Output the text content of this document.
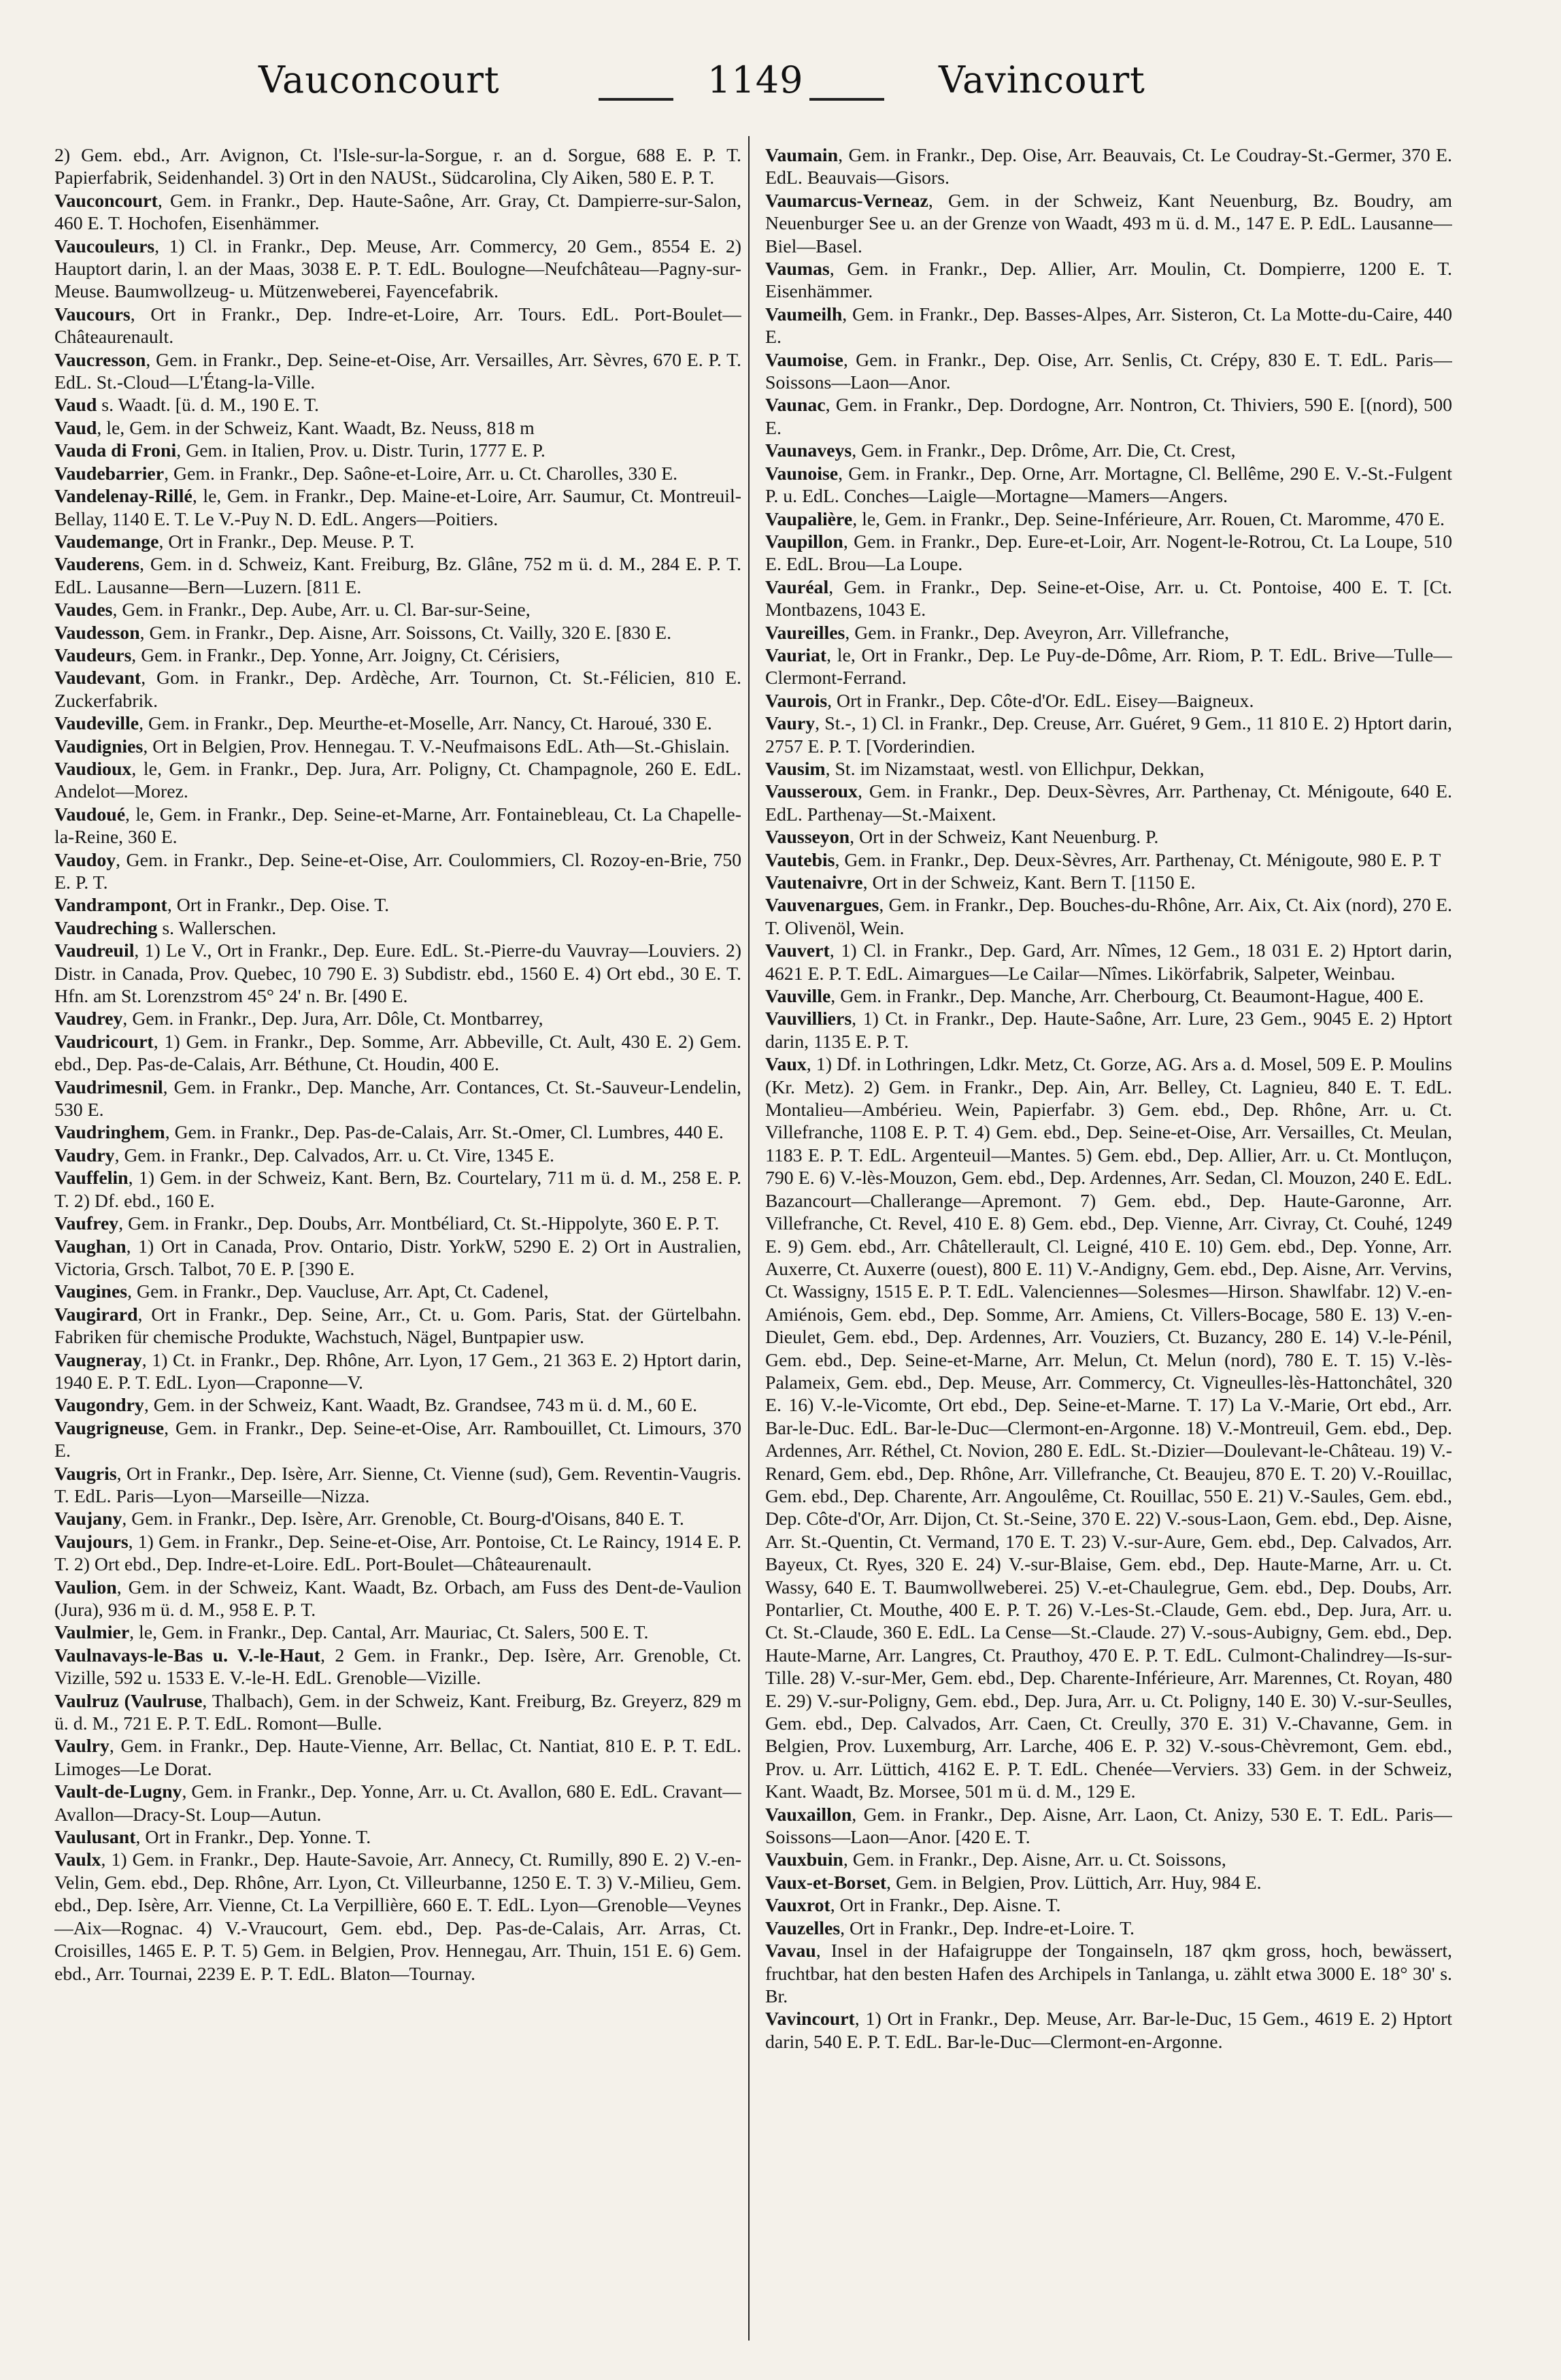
Vauconcourt	1149	Vavincourt

2) Gem. ebd., Arr. Avignon, Ct. l'Isle-sur-la-Sorgue, r. an d. Sorgue, 688 E. P. T. Papierfabrik, Seidenhandel. 3) Ort in den NAUSt., Südcarolina, Cly Aiken, 580 E. P. T.

Vauconcourt, Gem. in Frankr., Dep. Haute-Saône, Arr. Gray, Ct. Dampierre-sur-Salon, 460 E. T. Hochofen, Eisenhämmer.

Vaucouleurs, 1) Cl. in Frankr., Dep. Meuse, Arr. Commercy, 20 Gem., 8554 E. 2) Hauptort darin, l. an der Maas, 3038 E. P. T. EdL. Boulogne—Neufchâteau—Pagny-sur-Meuse. Baumwollzeug- u. Mützenweberei, Fayencefabrik.

Vaucours, Ort in Frankr., Dep. Indre-et-Loire, Arr. Tours. EdL. Port-Boulet—Châteaurenault.

Vaucresson, Gem. in Frankr., Dep. Seine-et-Oise, Arr. Versailles, Arr. Sèvres, 670 E. P. T. EdL. St.-Cloud—L'Étang-la-Ville.

Vaud s. Waadt. [ü. d. M., 190 E. T.

Vaud, le, Gem. in der Schweiz, Kant. Waadt, Bz. Neuss, 818 m

Vauda di Froni, Gem. in Italien, Prov. u. Distr. Turin, 1777 E. P.

Vaudebarrier, Gem. in Frankr., Dep. Saône-et-Loire, Arr. u. Ct. Charolles, 330 E.

Vandelenay-Rillé, le, Gem. in Frankr., Dep. Maine-et-Loire, Arr. Saumur, Ct. Montreuil-Bellay, 1140 E. T. Le V.-Puy N. D. EdL. Angers—Poitiers.

Vaudemange, Ort in Frankr., Dep. Meuse. P. T.

Vauderens, Gem. in d. Schweiz, Kant. Freiburg, Bz. Glâne, 752 m ü. d. M., 284 E. P. T. EdL. Lausanne—Bern—Luzern. [811 E.

Vaudes, Gem. in Frankr., Dep. Aube, Arr. u. Cl. Bar-sur-Seine,

Vaudesson, Gem. in Frankr., Dep. Aisne, Arr. Soissons, Ct. Vailly, 320 E. [830 E.

Vaudeurs, Gem. in Frankr., Dep. Yonne, Arr. Joigny, Ct. Cérisiers,

Vaudevant, Gom. in Frankr., Dep. Ardèche, Arr. Tournon, Ct. St.-Félicien, 810 E. Zuckerfabrik.

Vaudeville, Gem. in Frankr., Dep. Meurthe-et-Moselle, Arr. Nancy, Ct. Haroué, 330 E.

Vaudignies, Ort in Belgien, Prov. Hennegau. T. V.-Neufmaisons EdL. Ath—St.-Ghislain.

Vaudioux, le, Gem. in Frankr., Dep. Jura, Arr. Poligny, Ct. Champagnole, 260 E. EdL. Andelot—Morez.

Vaudoué, le, Gem. in Frankr., Dep. Seine-et-Marne, Arr. Fontainebleau, Ct. La Chapelle-la-Reine, 360 E.

Vaudoy, Gem. in Frankr., Dep. Seine-et-Oise, Arr. Coulommiers, Cl. Rozoy-en-Brie, 750 E. P. T.

Vandrampont, Ort in Frankr., Dep. Oise. T.

Vaudreching s. Wallerschen.

Vaudreuil, 1) Le V., Ort in Frankr., Dep. Eure. EdL. St.-Pierre-du Vauvray—Louviers. 2) Distr. in Canada, Prov. Quebec, 10 790 E. 3) Subdistr. ebd., 1560 E. 4) Ort ebd., 30 E. T. Hfn. am St. Lorenzstrom 45° 24' n. Br. [490 E.

Vaudrey, Gem. in Frankr., Dep. Jura, Arr. Dôle, Ct. Montbarrey,

Vaudricourt, 1) Gem. in Frankr., Dep. Somme, Arr. Abbeville, Ct. Ault, 430 E. 2) Gem. ebd., Dep. Pas-de-Calais, Arr. Béthune, Ct. Houdin, 400 E.

Vaudrimesnil, Gem. in Frankr., Dep. Manche, Arr. Contances, Ct. St.-Sauveur-Lendelin, 530 E.

Vaudringhem, Gem. in Frankr., Dep. Pas-de-Calais, Arr. St.-Omer, Cl. Lumbres, 440 E.

Vaudry, Gem. in Frankr., Dep. Calvados, Arr. u. Ct. Vire, 1345 E.

Vauffelin, 1) Gem. in der Schweiz, Kant. Bern, Bz. Courtelary, 711 m ü. d. M., 258 E. P. T. 2) Df. ebd., 160 E.

Vaufrey, Gem. in Frankr., Dep. Doubs, Arr. Montbéliard, Ct. St.-Hippolyte, 360 E. P. T.

Vaughan, 1) Ort in Canada, Prov. Ontario, Distr. YorkW, 5290 E. 2) Ort in Australien, Victoria, Grsch. Talbot, 70 E. P. [390 E.

Vaugines, Gem. in Frankr., Dep. Vaucluse, Arr. Apt, Ct. Cadenel,

Vaugirard, Ort in Frankr., Dep. Seine, Arr., Ct. u. Gom. Paris, Stat. der Gürtelbahn. Fabriken für chemische Produkte, Wachstuch, Nägel, Buntpapier usw.

Vaugneray, 1) Ct. in Frankr., Dep. Rhône, Arr. Lyon, 17 Gem., 21 363 E. 2) Hptort darin, 1940 E. P. T. EdL. Lyon—Craponne—V.

Vaugondry, Gem. in der Schweiz, Kant. Waadt, Bz. Grandsee, 743 m ü. d. M., 60 E.

Vaugrigneuse, Gem. in Frankr., Dep. Seine-et-Oise, Arr. Rambouillet, Ct. Limours, 370 E.

Vaugris, Ort in Frankr., Dep. Isère, Arr. Sienne, Ct. Vienne (sud), Gem. Reventin-Vaugris. T. EdL. Paris—Lyon—Marseille—Nizza.

Vaujany, Gem. in Frankr., Dep. Isère, Arr. Grenoble, Ct. Bourg-d'Oisans, 840 E. T.

Vaujours, 1) Gem. in Frankr., Dep. Seine-et-Oise, Arr. Pontoise, Ct. Le Raincy, 1914 E. P. T. 2) Ort ebd., Dep. Indre-et-Loire. EdL. Port-Boulet—Châteaurenault.

Vaulion, Gem. in der Schweiz, Kant. Waadt, Bz. Orbach, am Fuss des Dent-de-Vaulion (Jura), 936 m ü. d. M., 958 E. P. T.

Vaulmier, le, Gem. in Frankr., Dep. Cantal, Arr. Mauriac, Ct. Salers, 500 E. T.

Vaulnavays-le-Bas u. V.-le-Haut, 2 Gem. in Frankr., Dep. Isère, Arr. Grenoble, Ct. Vizille, 592 u. 1533 E. V.-le-H. EdL. Grenoble—Vizille.

Vaulruz (Vaulruse, Thalbach), Gem. in der Schweiz, Kant. Freiburg, Bz. Greyerz, 829 m ü. d. M., 721 E. P. T. EdL. Romont—Bulle.

Vaulry, Gem. in Frankr., Dep. Haute-Vienne, Arr. Bellac, Ct. Nantiat, 810 E. P. T. EdL. Limoges—Le Dorat.

Vault-de-Lugny, Gem. in Frankr., Dep. Yonne, Arr. u. Ct. Avallon, 680 E. EdL. Cravant—Avallon—Dracy-St. Loup—Autun.

Vaulusant, Ort in Frankr., Dep. Yonne. T.

Vaulx, 1) Gem. in Frankr., Dep. Haute-Savoie, Arr. Annecy, Ct. Rumilly, 890 E. 2) V.-en-Velin, Gem. ebd., Dep. Rhône, Arr. Lyon, Ct. Villeurbanne, 1250 E. T. 3) V.-Milieu, Gem. ebd., Dep. Isère, Arr. Vienne, Ct. La Verpillière, 660 E. T. EdL. Lyon—Grenoble—Veynes—Aix—Rognac. 4) V.-Vraucourt, Gem. ebd., Dep. Pas-de-Calais, Arr. Arras, Ct. Croisilles, 1465 E. P. T. 5) Gem. in Belgien, Prov. Hennegau, Arr. Thuin, 151 E. 6) Gem. ebd., Arr. Tournai, 2239 E. P. T. EdL. Blaton—Tournay.

Vaumain, Gem. in Frankr., Dep. Oise, Arr. Beauvais, Ct. Le Coudray-St.-Germer, 370 E. EdL. Beauvais—Gisors.

Vaumarcus-Verneaz, Gem. in der Schweiz, Kant Neuenburg, Bz. Boudry, am Neuenburger See u. an der Grenze von Waadt, 493 m ü. d. M., 147 E. P. EdL. Lausanne—Biel—Basel.

Vaumas, Gem. in Frankr., Dep. Allier, Arr. Moulin, Ct. Dompierre, 1200 E. T. Eisenhämmer.

Vaumeilh, Gem. in Frankr., Dep. Basses-Alpes, Arr. Sisteron, Ct. La Motte-du-Caire, 440 E.

Vaumoise, Gem. in Frankr., Dep. Oise, Arr. Senlis, Ct. Crépy, 830 E. T. EdL. Paris—Soissons—Laon—Anor.

Vaunac, Gem. in Frankr., Dep. Dordogne, Arr. Nontron, Ct. Thiviers, 590 E. [(nord), 500 E.

Vaunaveys, Gem. in Frankr., Dep. Drôme, Arr. Die, Ct. Crest,

Vaunoise, Gem. in Frankr., Dep. Orne, Arr. Mortagne, Cl. Bellême, 290 E. V.-St.-Fulgent P. u. EdL. Conches—Laigle—Mortagne—Mamers—Angers.

Vaupalière, le, Gem. in Frankr., Dep. Seine-Inférieure, Arr. Rouen, Ct. Maromme, 470 E.

Vaupillon, Gem. in Frankr., Dep. Eure-et-Loir, Arr. Nogent-le-Rotrou, Ct. La Loupe, 510 E. EdL. Brou—La Loupe.

Vauréal, Gem. in Frankr., Dep. Seine-et-Oise, Arr. u. Ct. Pontoise, 400 E. T. [Ct. Montbazens, 1043 E.

Vaureilles, Gem. in Frankr., Dep. Aveyron, Arr. Villefranche,

Vauriat, le, Ort in Frankr., Dep. Le Puy-de-Dôme, Arr. Riom, P. T. EdL. Brive—Tulle—Clermont-Ferrand.

Vaurois, Ort in Frankr., Dep. Côte-d'Or. EdL. Eisey—Baigneux.

Vaury, St.-, 1) Cl. in Frankr., Dep. Creuse, Arr. Guéret, 9 Gem., 11 810 E. 2) Hptort darin, 2757 E. P. T. [Vorderindien.

Vausim, St. im Nizamstaat, westl. von Ellichpur, Dekkan,

Vausseroux, Gem. in Frankr., Dep. Deux-Sèvres, Arr. Parthenay, Ct. Ménigoute, 640 E. EdL. Parthenay—St.-Maixent.

Vausseyon, Ort in der Schweiz, Kant Neuenburg. P.

Vautebis, Gem. in Frankr., Dep. Deux-Sèvres, Arr. Parthenay, Ct. Ménigoute, 980 E. P. T

Vautenaivre, Ort in der Schweiz, Kant. Bern T. [1150 E.

Vauvenargues, Gem. in Frankr., Dep. Bouches-du-Rhône, Arr. Aix, Ct. Aix (nord), 270 E. T. Olivenöl, Wein.

Vauvert, 1) Cl. in Frankr., Dep. Gard, Arr. Nîmes, 12 Gem., 18 031 E. 2) Hptort darin, 4621 E. P. T. EdL. Aimargues—Le Cailar—Nîmes. Likörfabrik, Salpeter, Weinbau.

Vauville, Gem. in Frankr., Dep. Manche, Arr. Cherbourg, Ct. Beaumont-Hague, 400 E.

Vauvilliers, 1) Ct. in Frankr., Dep. Haute-Saône, Arr. Lure, 23 Gem., 9045 E. 2) Hptort darin, 1135 E. P. T.

Vaux, 1) Df. in Lothringen, Ldkr. Metz, Ct. Gorze, AG. Ars a. d. Mosel, 509 E. P. Moulins (Kr. Metz). 2) Gem. in Frankr., Dep. Ain, Arr. Belley, Ct. Lagnieu, 840 E. T. EdL. Montalieu—Ambérieu. Wein, Papierfabr. 3) Gem. ebd., Dep. Rhône, Arr. u. Ct. Villefranche, 1108 E. P. T. 4) Gem. ebd., Dep. Seine-et-Oise, Arr. Versailles, Ct. Meulan, 1183 E. P. T. EdL. Argenteuil—Mantes. 5) Gem. ebd., Dep. Allier, Arr. u. Ct. Montluçon, 790 E. 6) V.-lès-Mouzon, Gem. ebd., Dep. Ardennes, Arr. Sedan, Cl. Mouzon, 240 E. EdL. Bazancourt—Challerange—Apremont. 7) Gem. ebd., Dep. Haute-Garonne, Arr. Villefranche, Ct. Revel, 410 E. 8) Gem. ebd., Dep. Vienne, Arr. Civray, Ct. Couhé, 1249 E. 9) Gem. ebd., Arr. Châtellerault, Cl. Leigné, 410 E. 10) Gem. ebd., Dep. Yonne, Arr. Auxerre, Ct. Auxerre (ouest), 800 E. 11) V.-Andigny, Gem. ebd., Dep. Aisne, Arr. Vervins, Ct. Wassigny, 1515 E. P. T. EdL. Valenciennes—Solesmes—Hirson. Shawlfabr. 12) V.-en-Amiénois, Gem. ebd., Dep. Somme, Arr. Amiens, Ct. Villers-Bocage, 580 E. 13) V.-en-Dieulet, Gem. ebd., Dep. Ardennes, Arr. Vouziers, Ct. Buzancy, 280 E. 14) V.-le-Pénil, Gem. ebd., Dep. Seine-et-Marne, Arr. Melun, Ct. Melun (nord), 780 E. T. 15) V.-lès-Palameix, Gem. ebd., Dep. Meuse, Arr. Commercy, Ct. Vigneulles-lès-Hattonchâtel, 320 E. 16) V.-le-Vicomte, Ort ebd., Dep. Seine-et-Marne. T. 17) La V.-Marie, Ort ebd., Arr. Bar-le-Duc. EdL. Bar-le-Duc—Clermont-en-Argonne. 18) V.-Montreuil, Gem. ebd., Dep. Ardennes, Arr. Réthel, Ct. Novion, 280 E. EdL. St.-Dizier—Doulevant-le-Château. 19) V.-Renard, Gem. ebd., Dep. Rhône, Arr. Villefranche, Ct. Beaujeu, 870 E. T. 20) V.-Rouillac, Gem. ebd., Dep. Charente, Arr. Angoulême, Ct. Rouillac, 550 E. 21) V.-Saules, Gem. ebd., Dep. Côte-d'Or, Arr. Dijon, Ct. St.-Seine, 370 E. 22) V.-sous-Laon, Gem. ebd., Dep. Aisne, Arr. St.-Quentin, Ct. Vermand, 170 E. T. 23) V.-sur-Aure, Gem. ebd., Dep. Calvados, Arr. Bayeux, Ct. Ryes, 320 E. 24) V.-sur-Blaise, Gem. ebd., Dep. Haute-Marne, Arr. u. Ct. Wassy, 640 E. T. Baumwollweberei. 25) V.-et-Chaulegrue, Gem. ebd., Dep. Doubs, Arr. Pontarlier, Ct. Mouthe, 400 E. P. T. 26) V.-Les-St.-Claude, Gem. ebd., Dep. Jura, Arr. u. Ct. St.-Claude, 360 E. EdL. La Cense—St.-Claude. 27) V.-sous-Aubigny, Gem. ebd., Dep. Haute-Marne, Arr. Langres, Ct. Prauthoy, 470 E. P. T. EdL. Culmont-Chalindrey—Is-sur-Tille. 28) V.-sur-Mer, Gem. ebd., Dep. Charente-Inférieure, Arr. Marennes, Ct. Royan, 480 E. 29) V.-sur-Poligny, Gem. ebd., Dep. Jura, Arr. u. Ct. Poligny, 140 E. 30) V.-sur-Seulles, Gem. ebd., Dep. Calvados, Arr. Caen, Ct. Creully, 370 E. 31) V.-Chavanne, Gem. in Belgien, Prov. Luxemburg, Arr. Larche, 406 E. P. 32) V.-sous-Chèvremont, Gem. ebd., Prov. u. Arr. Lüttich, 4162 E. P. T. EdL. Chenée—Verviers. 33) Gem. in der Schweiz, Kant. Waadt, Bz. Morsee, 501 m ü. d. M., 129 E.

Vauxaillon, Gem. in Frankr., Dep. Aisne, Arr. Laon, Ct. Anizy, 530 E. T. EdL. Paris—Soissons—Laon—Anor. [420 E. T.

Vauxbuin, Gem. in Frankr., Dep. Aisne, Arr. u. Ct. Soissons,

Vaux-et-Borset, Gem. in Belgien, Prov. Lüttich, Arr. Huy, 984 E.

Vauxrot, Ort in Frankr., Dep. Aisne. T.

Vauzelles, Ort in Frankr., Dep. Indre-et-Loire. T.

Vavau, Insel in der Hafaigruppe der Tongainseln, 187 qkm gross, hoch, bewässert, fruchtbar, hat den besten Hafen des Archipels in Tanlanga, u. zählt etwa 3000 E. 18° 30' s. Br.

Vavincourt, 1) Ort in Frankr., Dep. Meuse, Arr. Bar-le-Duc, 15 Gem., 4619 E. 2) Hptort darin, 540 E. P. T. EdL. Bar-le-Duc—Clermont-en-Argonne.
